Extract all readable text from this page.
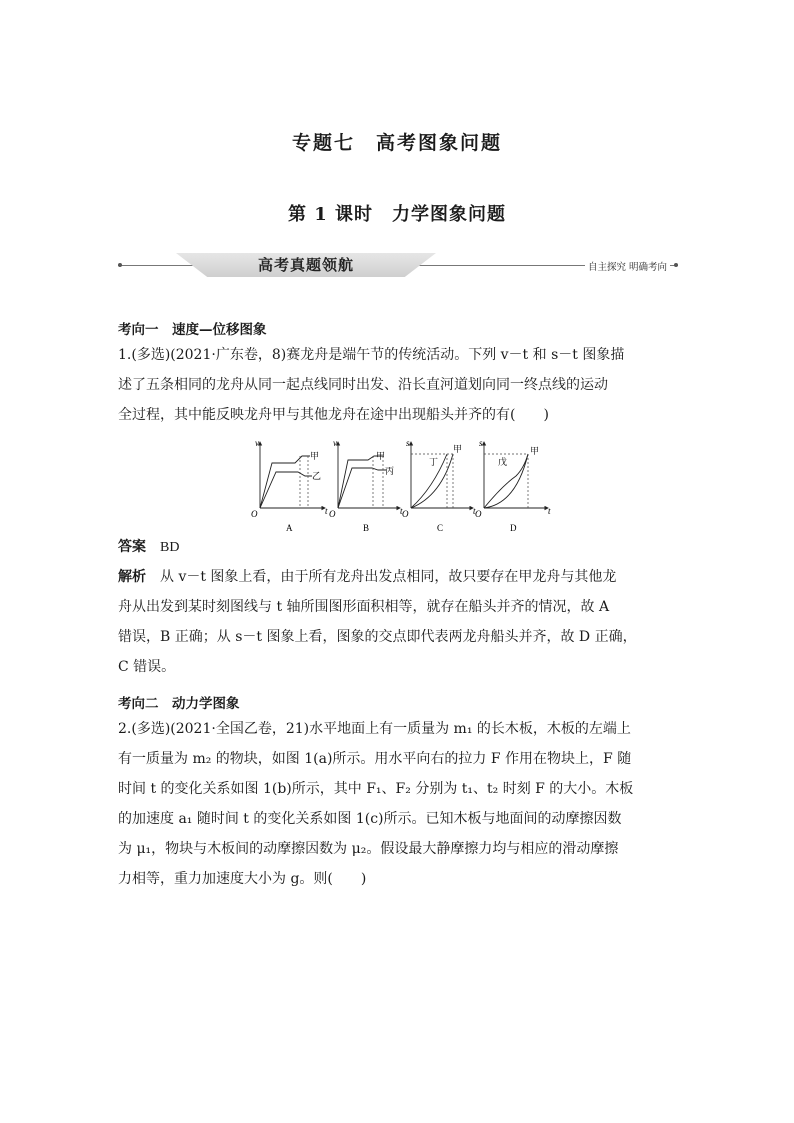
专题七　高考图象问题
第 1 课时　力学图象问题
高考真题领航	自主探究 明确考向
考向一　速度—位移图象
1.(多选)(2021·广东卷，8)赛龙舟是端午节的传统活动。下列 v－t 和 s－t 图象描
述了五条相同的龙舟从同一起点线同时出发、沿长直河道划向同一终点线的运动
全过程，其中能反映龙舟甲与其他龙舟在途中出现船头并齐的有(　　)
v
t
O
甲
乙
A
v
t
O
甲
丙
B
s
t
O
丁
甲
C
s
t
O
戊
甲
D
答案　 BD
解析　 从 v－t 图象上看，由于所有龙舟出发点相同，故只要存在甲龙舟与其他龙
舟从出发到某时刻图线与 t 轴所围图形面积相等，就存在船头并齐的情况，故 A
错误，B 正确；从 s－t 图象上看，图象的交点即代表两龙舟船头并齐，故 D 正确，
C 错误。
考向二　动力学图象
2.(多选)(2021·全国乙卷，21)水平地面上有一质量为 m₁ 的长木板，木板的左端上
有一质量为 m₂ 的物块，如图 1(a)所示。用水平向右的拉力 F 作用在物块上，F 随
时间 t 的变化关系如图 1(b)所示，其中 F₁、F₂ 分别为 t₁、t₂ 时刻 F 的大小。木板
的加速度 a₁ 随时间 t 的变化关系如图 1(c)所示。已知木板与地面间的动摩擦因数
为 μ₁，物块与木板间的动摩擦因数为 μ₂。假设最大静摩擦力均与相应的滑动摩擦
力相等，重力加速度大小为 g。则(　　)
